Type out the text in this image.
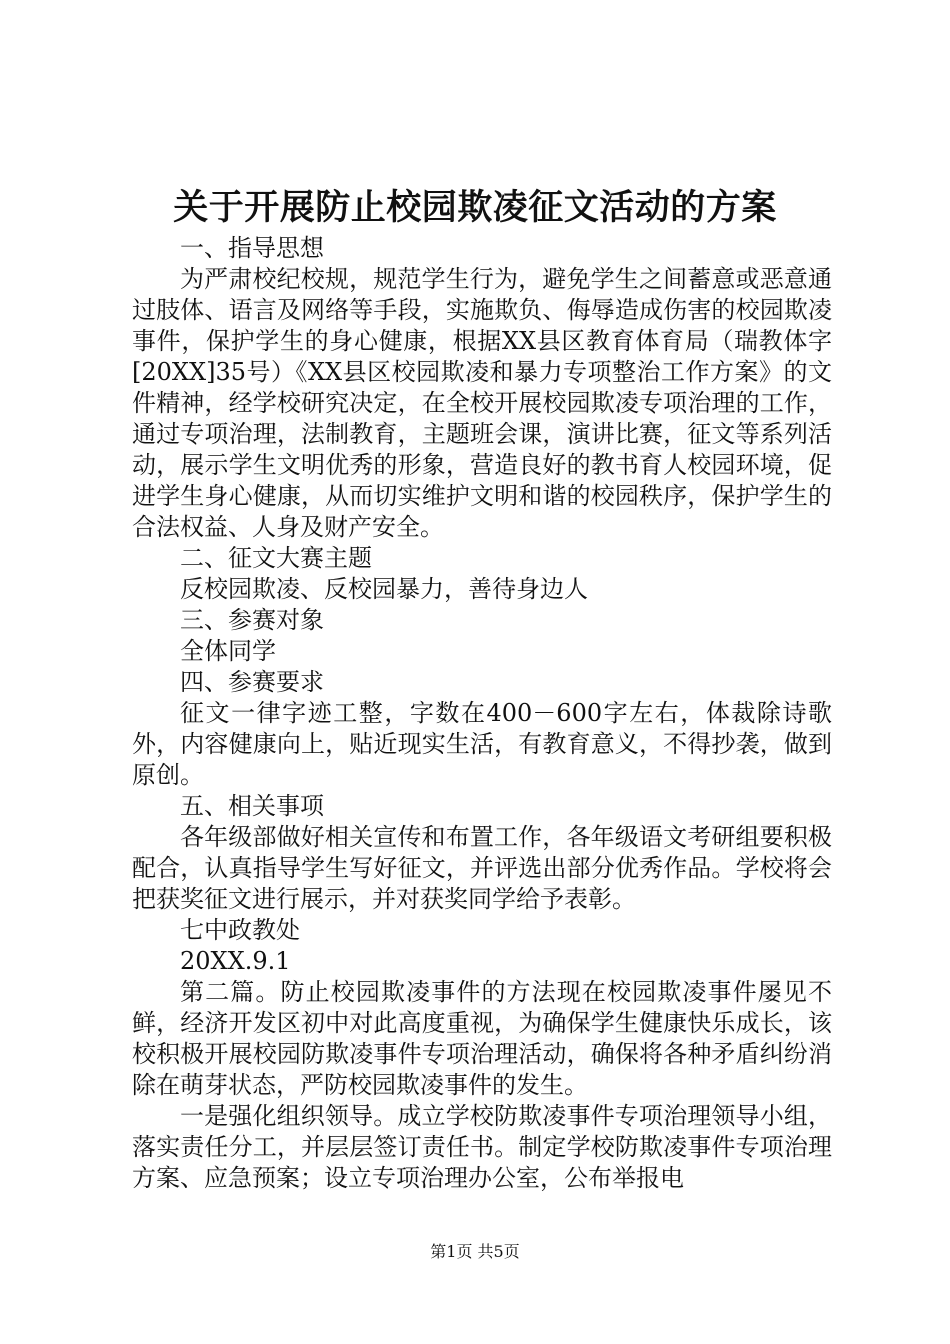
关于开展防止校园欺凌征文活动的方案

一、指导思想

为严肃校纪校规，规范学生行为，避免学生之间蓄意或恶意通过肢体、语言及网络等手段，实施欺负、侮辱造成伤害的校园欺凌事件，保护学生的身心健康，根据XX县区教育体育局（瑞教体字[20XX]35号）《XX县区校园欺凌和暴力专项整治工作方案》的文件精神，经学校研究决定，在全校开展校园欺凌专项治理的工作，通过专项治理，法制教育，主题班会课，演讲比赛，征文等系列活动，展示学生文明优秀的形象，营造良好的教书育人校园环境，促进学生身心健康，从而切实维护文明和谐的校园秩序，保护学生的合法权益、人身及财产安全。

二、征文大赛主题

反校园欺凌、反校园暴力，善待身边人

三、参赛对象

全体同学

四、参赛要求

征文一律字迹工整，字数在400－600字左右，体裁除诗歌外，内容健康向上，贴近现实生活，有教育意义，不得抄袭，做到原创。

五、相关事项

各年级部做好相关宣传和布置工作，各年级语文考研组要积极配合，认真指导学生写好征文，并评选出部分优秀作品。学校将会把获奖征文进行展示，并对获奖同学给予表彰。

七中政教处

20XX.9.1

第二篇。防止校园欺凌事件的方法现在校园欺凌事件屡见不鲜，经济开发区初中对此高度重视，为确保学生健康快乐成长，该校积极开展校园防欺凌事件专项治理活动，确保将各种矛盾纠纷消除在萌芽状态，严防校园欺凌事件的发生。

一是强化组织领导。成立学校防欺凌事件专项治理领导小组，落实责任分工，并层层签订责任书。制定学校防欺凌事件专项治理方案、应急预案；设立专项治理办公室，公布举报电

第1页 共5页
